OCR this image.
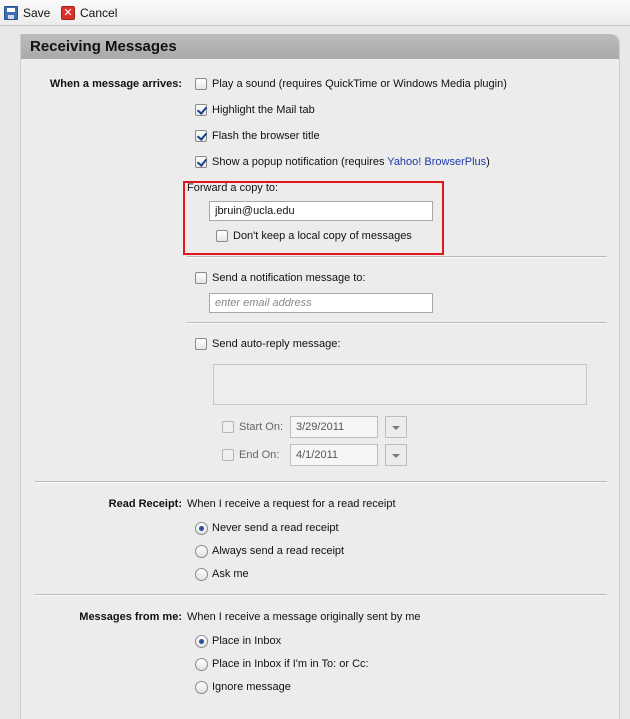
Save ✕ Cancel
Receiving Messages
When a message arrives:	Play a sound (requires QuickTime or Windows Media plugin)
Highlight the Mail tab
Flash the browser title
Show a popup notification (requires Yahoo! BrowserPlus)
Forward a copy to:
jbruin@ucla.edu
Don't keep a local copy of messages
Send a notification message to:
enter email address
Send auto-reply message:
Start On:
3/29/2011
End On:
4/1/2011
Read Receipt: When I receive a request for a read receipt
Never send a read receipt
Always send a read receipt
Ask me
Messages from me: When I receive a message originally sent by me
Place in Inbox
Place in Inbox if I'm in To: or Cc:
Ignore message
